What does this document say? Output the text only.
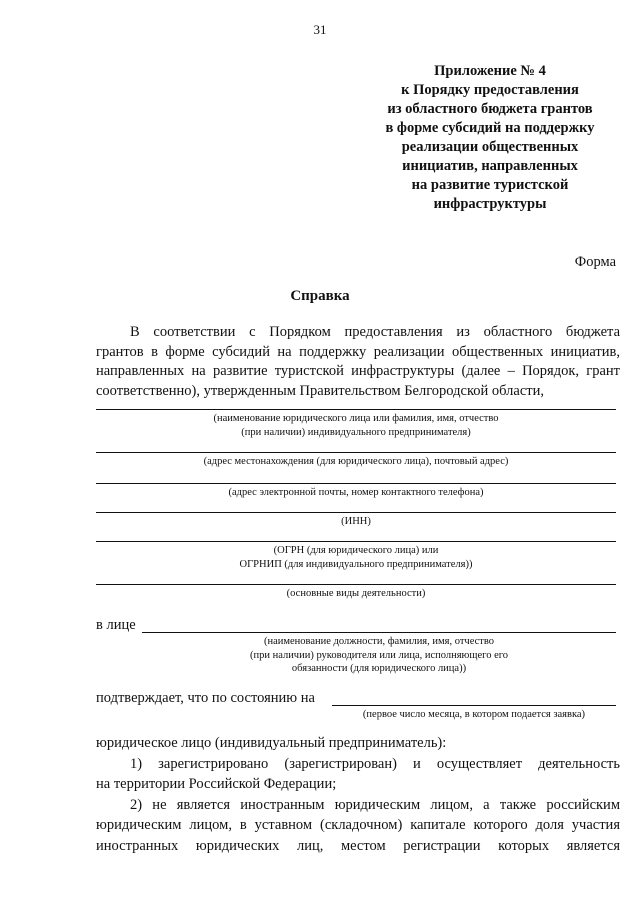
31
Приложение № 4
к Порядку предоставления
из областного бюджета грантов
в форме субсидий на поддержку
реализации общественных
инициатив, направленных
на развитие туристской
инфраструктуры
Форма
Справка
В соответствии с Порядком предоставления из областного бюджета
грантов в форме субсидий на поддержку реализации общественных инициатив,
направленных на развитие туристской инфраструктуры (далее – Порядок, грант
соответственно), утвержденным Правительством Белгородской области,
(наименование юридического лица или фамилия, имя, отчество
(при наличии) индивидуального предпринимателя)
(адрес местонахождения (для юридического лица), почтовый адрес)
(адрес электронной почты, номер контактного телефона)
(ИНН)
(ОГРН (для юридического лица) или
ОГРНИП (для индивидуального предпринимателя))
(основные виды деятельности)
в лице
(наименование должности, фамилия, имя, отчество
(при наличии) руководителя или лица, исполняющего его
обязанности (для юридического лица))
подтверждает, что по состоянию на
(первое число месяца, в котором подается заявка)
юридическое лицо (индивидуальный предприниматель):
1) зарегистрировано (зарегистрирован) и осуществляет деятельность
на территории Российской Федерации;
2) не является иностранным юридическим лицом, а также российским
юридическим лицом, в уставном (складочном) капитале которого доля участия
иностранных юридических лиц, местом регистрации которых является
